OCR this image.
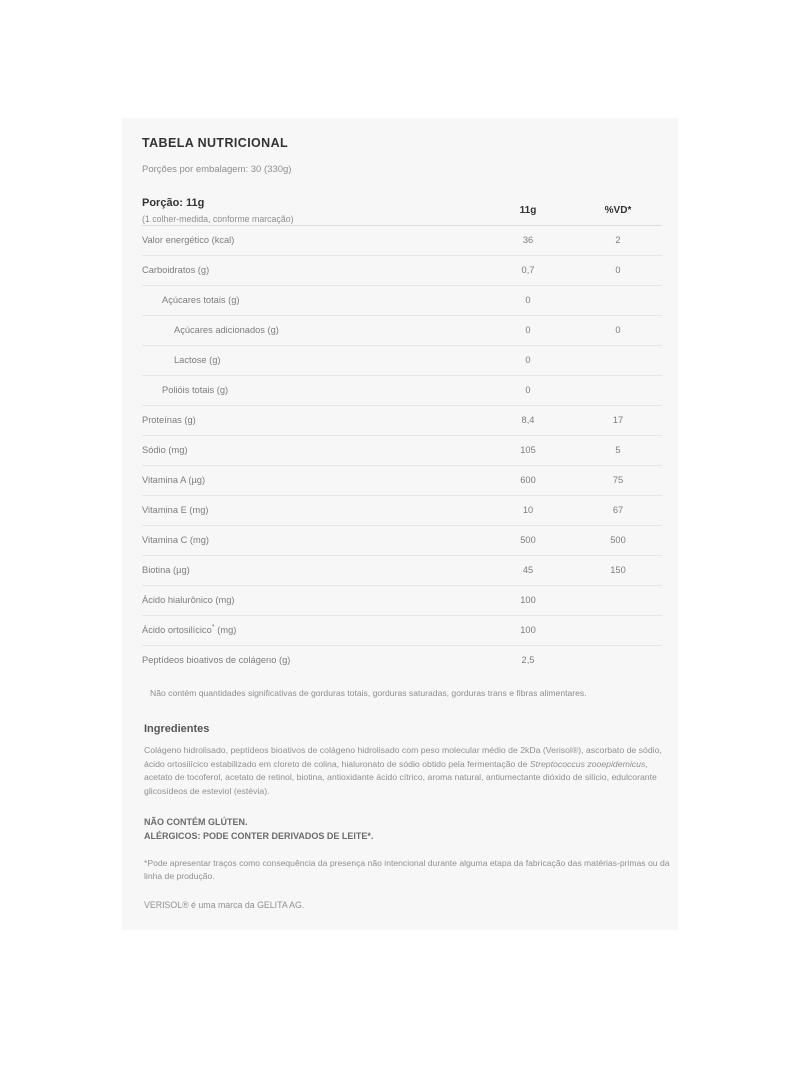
TABELA NUTRICIONAL
Porções por embalagem: 30 (330g)
Porção: 11g
(1 colher-medida, conforme marcação)	11g	%VD*
Valor energético (kcal)	36	2
Carboidratos (g)	0,7	0
Açúcares totais (g)	0	
Açúcares adicionados (g)	0	0
Lactose (g)	0	
Polióis totais (g)	0	
Proteínas (g)	8,4	17
Sódio (mg)	105	5
Vitamina A (µg)	600	75
Vitamina E (mg)	10	67
Vitamina C (mg)	500	500
Biotina (µg)	45	150
Ácido hialurônico (mg)	100	
Ácido ortosilícico* (mg)	100	
Peptídeos bioativos de colágeno (g)	2,5	
Não contém quantidades significativas de gorduras totais, gorduras saturadas, gorduras trans e fibras alimentares.
Ingredientes

Colágeno hidrolisado, peptídeos bioativos de colágeno hidrolisado com peso molecular médio de 2kDa (Verisol®), ascorbato de sódio, ácido ortosilícico estabilizado em cloreto de colina, hialuronato de sódio obtido pela fermentação de Streptococcus zooepidemicus, acetato de tocoferol, acetato de retinol, biotina, antioxidante ácido cítrico, aroma natural, antiumectante dióxido de silício, edulcorante glicosídeos de esteviol (estévia).

NÃO CONTÉM GLÚTEN.
ALÉRGICOS: PODE CONTER DERIVADOS DE LEITE*.

*Pode apresentar traços como consequência da presença não intencional durante alguma etapa da fabricação das matérias-primas ou da linha de produção.

VERISOL® é uma marca da GELITA AG.
